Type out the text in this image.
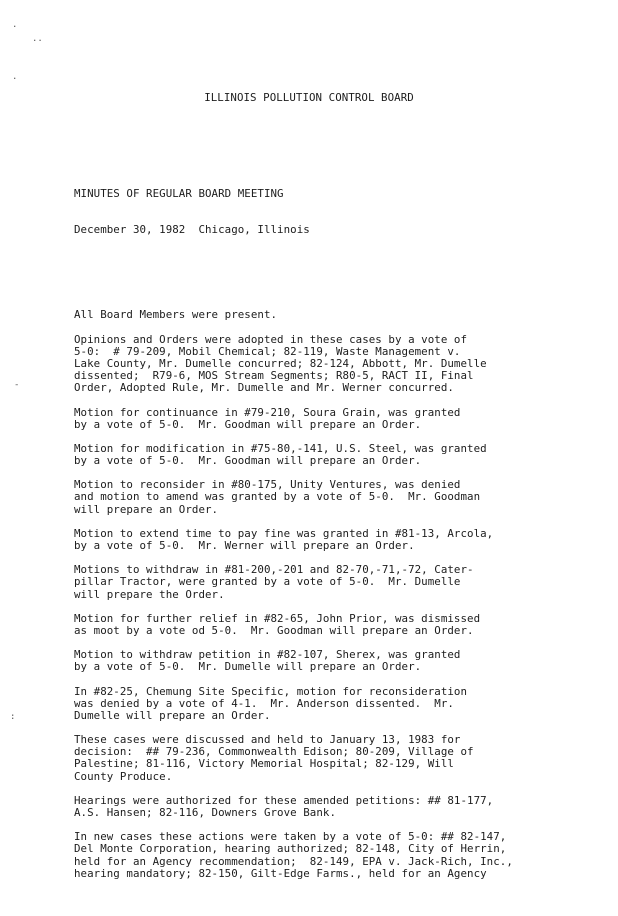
.
..
.
-
:

ILLINOIS POLLUTION CONTROL BOARD

MINUTES OF REGULAR BOARD MEETING

December 30, 1982  Chicago, Illinois

All Board Members were present.
Opinions and Orders were adopted in these cases by a vote of
5-0:  # 79-209, Mobil Chemical; 82-119, Waste Management v.
Lake County, Mr. Dumelle concurred; 82-124, Abbott, Mr. Dumelle
dissented;  R79-6, MOS Stream Segments; R80-5, RACT II, Final
Order, Adopted Rule, Mr. Dumelle and Mr. Werner concurred.
Motion for continuance in #79-210, Soura Grain, was granted
by a vote of 5-0.  Mr. Goodman will prepare an Order.
Motion for modification in #75-80,-141, U.S. Steel, was granted
by a vote of 5-0.  Mr. Goodman will prepare an Order.
Motion to reconsider in #80-175, Unity Ventures, was denied
and motion to amend was granted by a vote of 5-0.  Mr. Goodman
will prepare an Order.
Motion to extend time to pay fine was granted in #81-13, Arcola,
by a vote of 5-0.  Mr. Werner will prepare an Order.
Motions to withdraw in #81-200,-201 and 82-70,-71,-72, Cater-
pillar Tractor, were granted by a vote of 5-0.  Mr. Dumelle
will prepare the Order.
Motion for further relief in #82-65, John Prior, was dismissed
as moot by a vote od 5-0.  Mr. Goodman will prepare an Order.
Motion to withdraw petition in #82-107, Sherex, was granted
by a vote of 5-0.  Mr. Dumelle will prepare an Order.
In #82-25, Chemung Site Specific, motion for reconsideration
was denied by a vote of 4-1.  Mr. Anderson dissented.  Mr.
Dumelle will prepare an Order.
These cases were discussed and held to January 13, 1983 for
decision:  ## 79-236, Commonwealth Edison; 80-209, Village of
Palestine; 81-116, Victory Memorial Hospital; 82-129, Will
County Produce.
Hearings were authorized for these amended petitions: ## 81-177,
A.S. Hansen; 82-116, Downers Grove Bank.
In new cases these actions were taken by a vote of 5-0: ## 82-147,
Del Monte Corporation, hearing authorized; 82-148, City of Herrin,
held for an Agency recommendation;  82-149, EPA v. Jack-Rich, Inc.,
hearing mandatory; 82-150, Gilt-Edge Farms., held for an Agency
